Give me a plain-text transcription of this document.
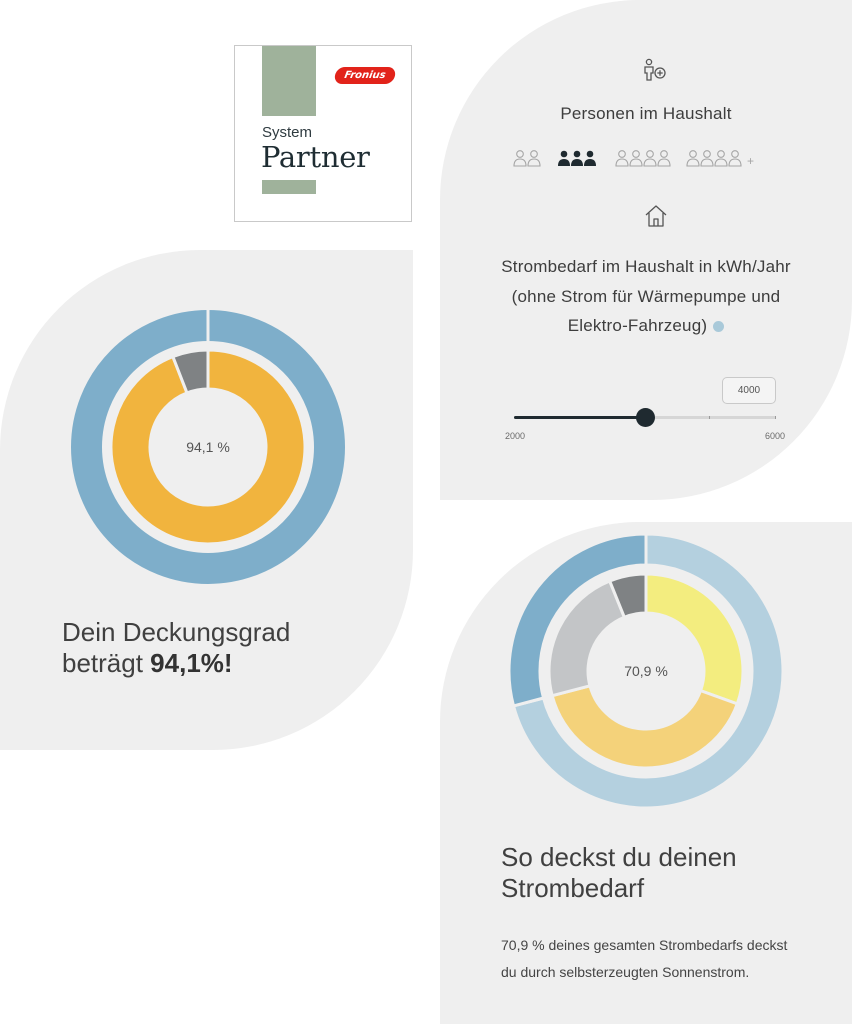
Fronius
System
Partner
Personen im Haushalt
+
Strombedarf im Haushalt in kWh/Jahr (ohne Strom für Wärmepumpe und Elektro-Fahrzeug)
4000
2000	6000
94,1 %
Dein Deckungsgrad
beträgt 94,1%!	70,9 %
So deckst du deinen
Strombedarf
70,9 % deines gesamten Strombedarfs deckst du durch selbsterzeugten Sonnenstrom.
